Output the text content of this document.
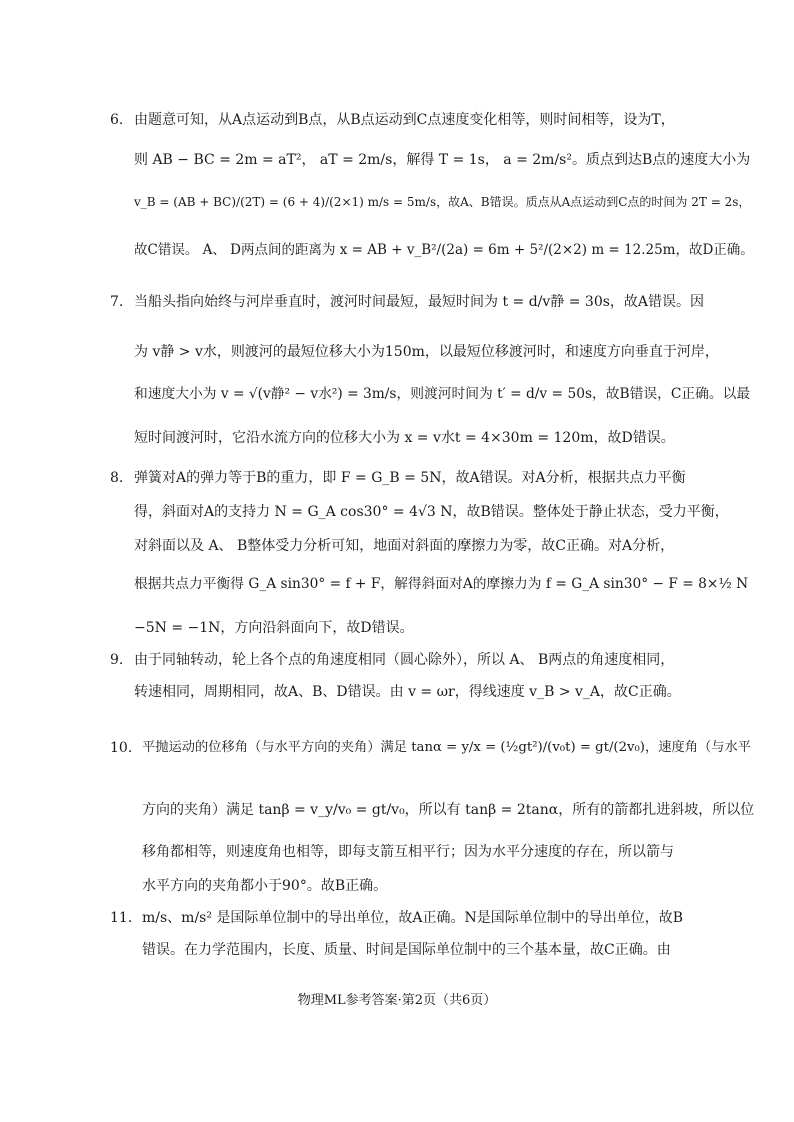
6. 由题意可知，从A点运动到B点，从B点运动到C点速度变化相等，则时间相等，设为T，
则 AB − BC = 2m = aT²， aT = 2m/s，解得 T = 1s， a = 2m/s²。质点到达B点的速度大小为
v_B = (AB + BC)/(2T) = (6 + 4)/(2×1) m/s = 5m/s，故A、B错误。质点从A点运动到C点的时间为 2T = 2s，
故C错误。 A、 D两点间的距离为 x = AB + v_B²/(2a) = 6m + 5²/(2×2) m = 12.25m，故D正确。
7. 当船头指向始终与河岸垂直时，渡河时间最短，最短时间为 t = d/v静 = 30s，故A错误。因
为 v静 > v水，则渡河的最短位移大小为150m，以最短位移渡河时，和速度方向垂直于河岸，
和速度大小为 v = √(v静² − v水²) = 3m/s，则渡河时间为 t′ = d/v = 50s，故B错误，C正确。以最
短时间渡河时，它沿水流方向的位移大小为 x = v水t = 4×30m = 120m，故D错误。
8. 弹簧对A的弹力等于B的重力，即 F = G_B = 5N，故A错误。对A分析，根据共点力平衡
得，斜面对A的支持力 N = G_A cos30° = 4√3 N，故B错误。整体处于静止状态，受力平衡，
对斜面以及 A、 B整体受力分析可知，地面对斜面的摩擦力为零，故C正确。对A分析，
根据共点力平衡得 G_A sin30° = f + F，解得斜面对A的摩擦力为 f = G_A sin30° − F = 8×½ N
−5N = −1N，方向沿斜面向下，故D错误。
9. 由于同轴转动，轮上各个点的角速度相同（圆心除外），所以 A、 B两点的角速度相同，
转速相同，周期相同，故A、B、D错误。由 v = ωr，得线速度 v_B > v_A，故C正确。
10. 平抛运动的位移角（与水平方向的夹角）满足 tanα = y/x = (½gt²)/(v₀t) = gt/(2v₀)，速度角（与水平
方向的夹角）满足 tanβ = v_y/v₀ = gt/v₀，所以有 tanβ = 2tanα，所有的箭都扎进斜坡，所以位
移角都相等，则速度角也相等，即每支箭互相平行；因为水平分速度的存在，所以箭与
水平方向的夹角都小于90°。故B正确。
11. m/s、m/s² 是国际单位制中的导出单位，故A正确。N是国际单位制中的导出单位，故B
错误。在力学范围内，长度、质量、时间是国际单位制中的三个基本量，故C正确。由
物理ML参考答案·第2页（共6页）
